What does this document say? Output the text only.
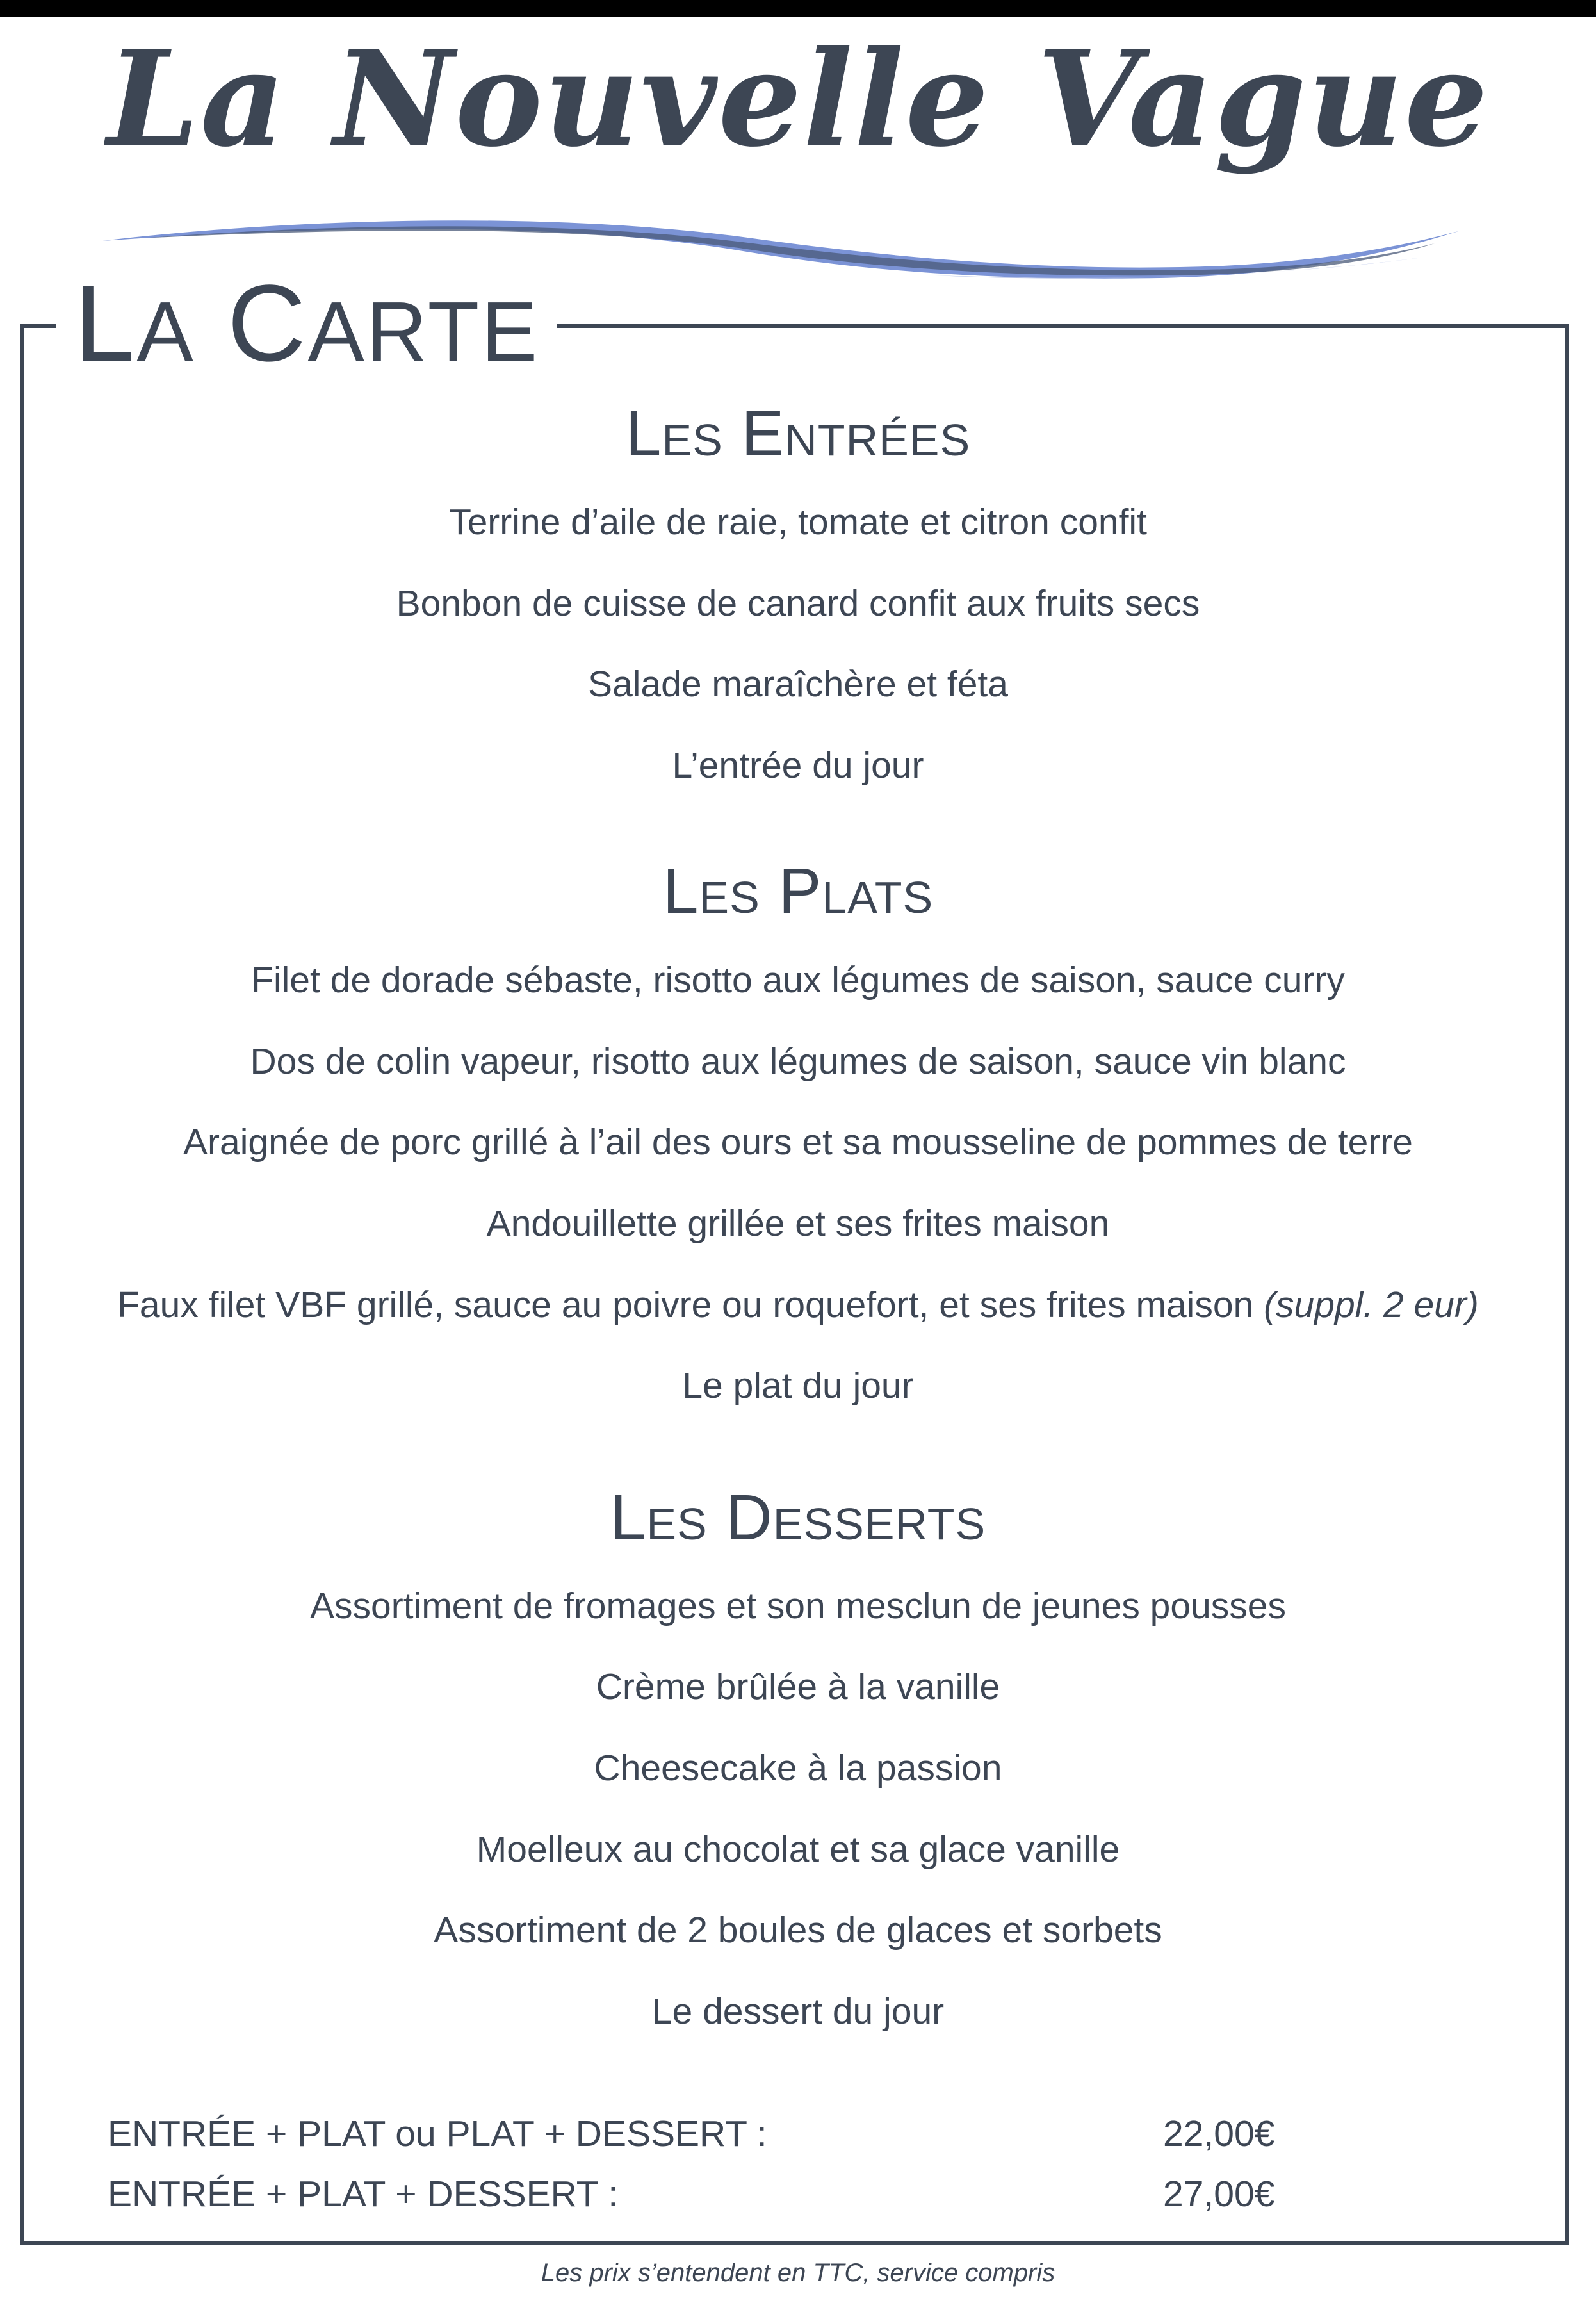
La Nouvelle Vague
LA CARTE
Les Entrées
Terrine d’aile de raie, tomate et citron confit
Bonbon de cuisse de canard confit aux fruits secs
Salade maraîchère et féta
L’entrée du jour
Les Plats
Filet de dorade sébaste, risotto aux légumes de saison, sauce curry
Dos de colin vapeur, risotto aux légumes de saison, sauce vin blanc
Araignée de porc grillé à l’ail des ours et sa mousseline de pommes de terre
Andouillette grillée et ses frites maison
Faux filet VBF grillé, sauce au poivre ou roquefort, et ses frites maison (suppl. 2 eur)
Le plat du jour
Les Desserts
Assortiment de fromages et son mesclun de jeunes pousses
Crème brûlée à la vanille
Cheesecake à la passion
Moelleux au chocolat et sa glace vanille
Assortiment de 2 boules de glaces et sorbets
Le dessert du jour
ENTRÉE + PLAT ou PLAT + DESSERT :	22,00€
ENTRÉE + PLAT + DESSERT :	27,00€
Les prix s’entendent en TTC, service compris
